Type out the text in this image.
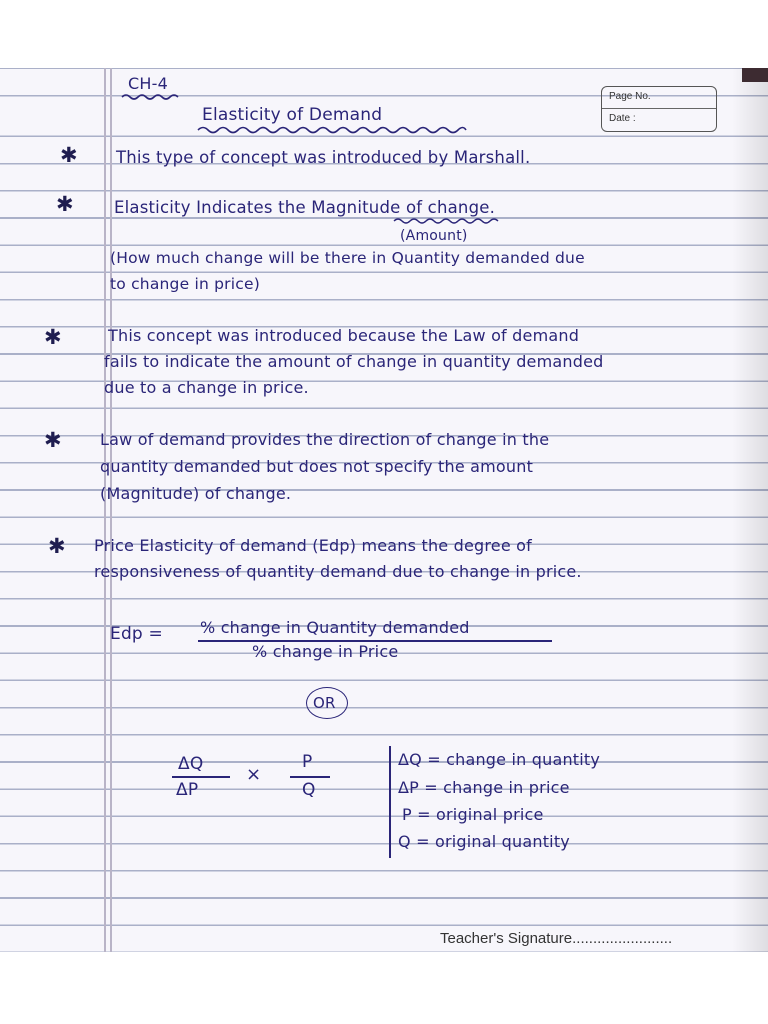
Page No.
Date :
CH-4
Elasticity of Demand
✱ This type of concept was introduced by Marshall.
✱ Elasticity Indicates the Magnitude of change.
(Amount)
(How much change will be there in Quantity demanded due
to change in price)
✱	This concept was introduced because the Law of demand
fails to indicate the amount of change in quantity demanded
due to a change in price.
✱ Law of demand provides the direction of change in the
quantity demanded but does not specify the amount
(Magnitude) of change.
✱ Price Elasticity of demand (Edp) means the degree of
responsiveness of quantity demand due to change in price.
Edp = % change in Quantity demanded
% change in Price
OR
ΔQ
ΔP
×
P
Q
ΔQ = change in quantity
ΔP = change in price
P = original price
Q = original quantity
Teacher's Signature........................
